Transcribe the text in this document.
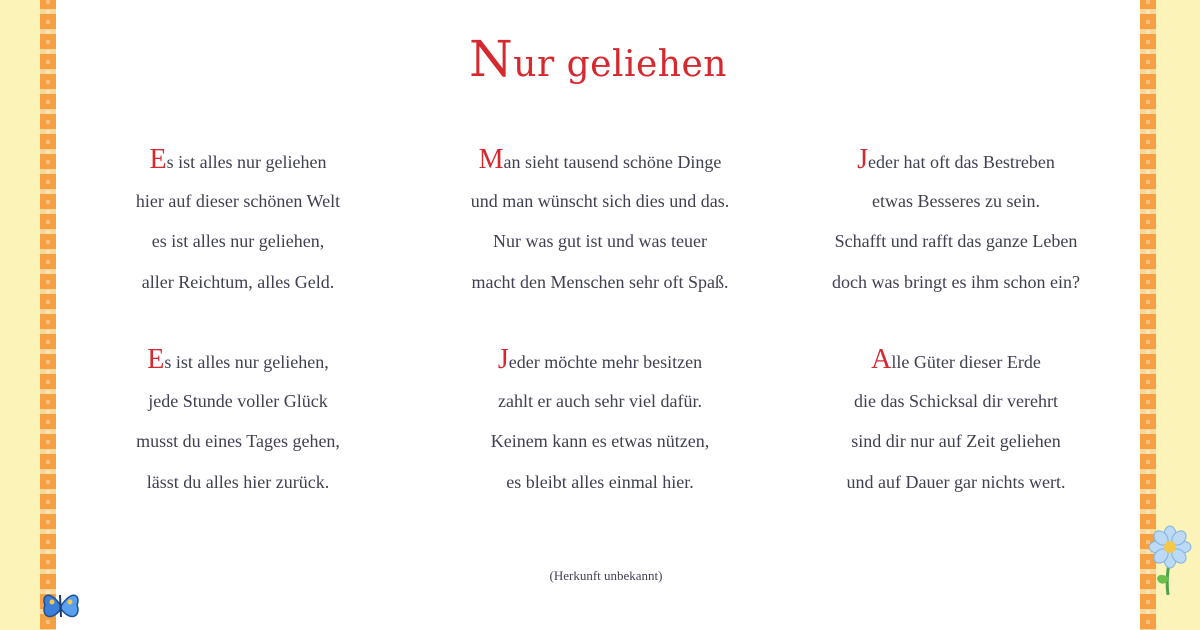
Nur geliehen
Es ist alles nur geliehen
hier auf dieser schönen Welt
es ist alles nur geliehen,
aller Reichtum, alles Geld.
Es ist alles nur geliehen,
jede Stunde voller Glück
musst du eines Tages gehen,
lässt du alles hier zurück.
Man sieht tausend schöne Dinge
und man wünscht sich dies und das.
Nur was gut ist und was teuer
macht den Menschen sehr oft Spaß.
Jeder möchte mehr besitzen
zahlt er auch sehr viel dafür.
Keinem kann es etwas nützen,
es bleibt alles einmal hier.
Jeder hat oft das Bestreben
etwas Besseres zu sein.
Schafft und rafft das ganze Leben
doch was bringt es ihm schon ein?
Alle Güter dieser Erde
die das Schicksal dir verehrt
sind dir nur auf Zeit geliehen
und auf Dauer gar nichts wert.
(Herkunft unbekannt)
